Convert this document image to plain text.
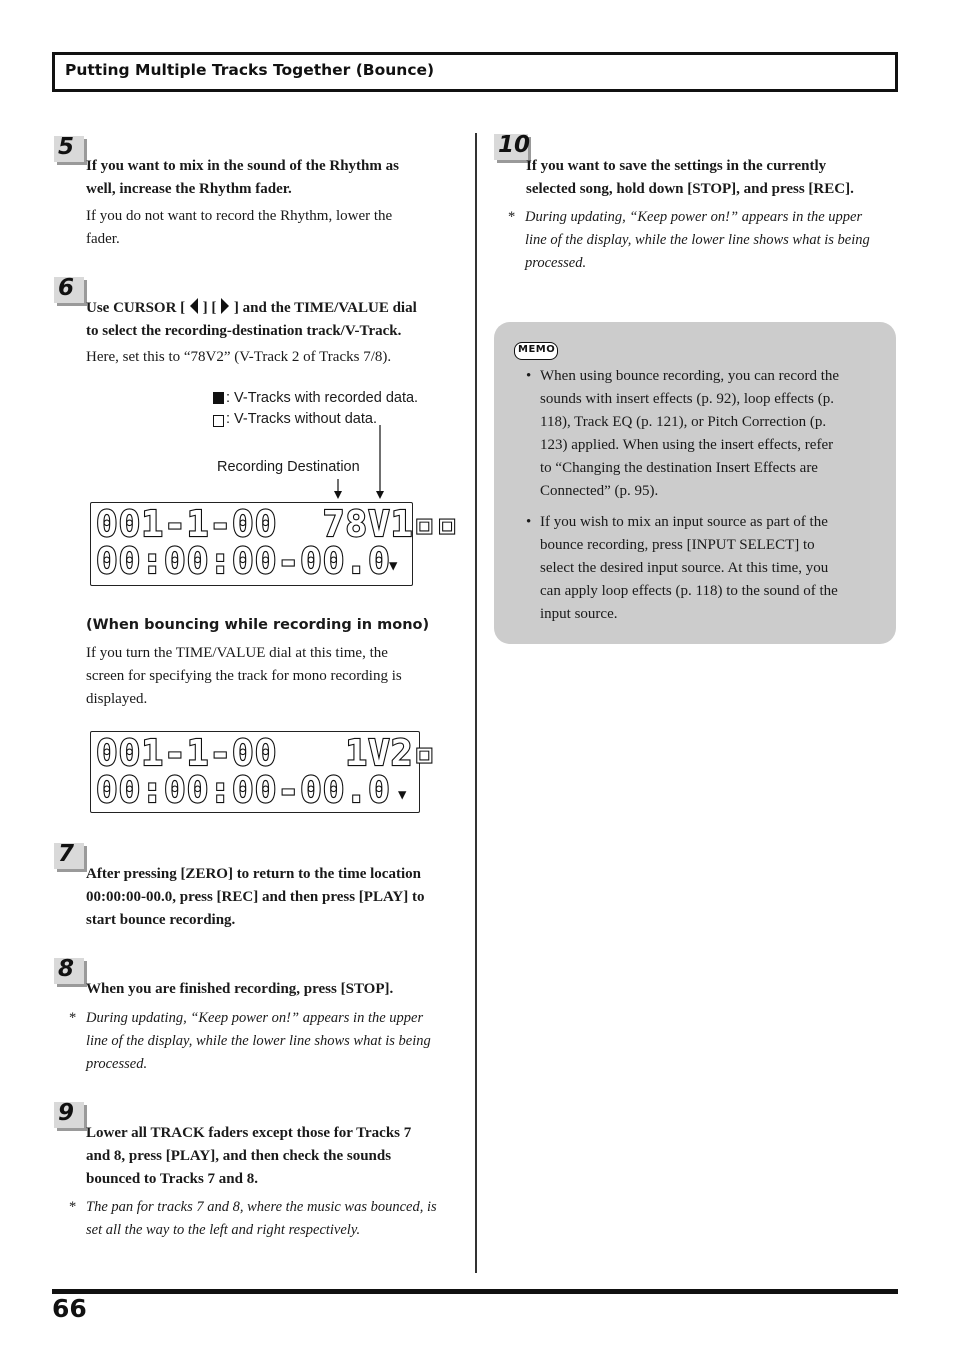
Putting Multiple Tracks Together (Bounce)
5
If you want to mix in the sound of the Rhythm as
well, increase the Rhythm fader.
If you do not want to record the Rhythm, lower the
fader.
6
Use CURSOR [ ] [ ] and the TIME/VALUE dial
to select the recording-destination track/V-Track.
Here, set this to “78V2” (V-Track 2 of Tracks 7/8).
: V-Tracks with recorded data.
: V-Tracks without data.
Recording Destination
001-1-00  78V1▫▫
00:00:00-00.0
▼
(When bouncing while recording in mono)
If you turn the TIME/VALUE dial at this time, the
screen for specifying the track for mono recording is
displayed.
001-1-00   1V2▫
00:00:00-00.0 ▼
7
After pressing [ZERO] to return to the time location
00:00:00-00.0, press [REC] and then press [PLAY] to
start bounce recording.
8
When you are finished recording, press [STOP].
* During updating, “Keep power on!” appears in the upper
line of the display, while the lower line shows what is being
processed.
9
Lower all TRACK faders except those for Tracks 7
and 8, press [PLAY], and then check the sounds
bounced to Tracks 7 and 8.
* The pan for tracks 7 and 8, where the music was bounced, is
set all the way to the left and right respectively.
10
If you want to save the settings in the currently
selected song, hold down [STOP], and press [REC].
* During updating, “Keep power on!” appears in the upper
line of the display, while the lower line shows what is being
processed.
MEMO
• When using bounce recording, you can record the
sounds with insert effects (p. 92), loop effects (p.
118), Track EQ (p. 121), or Pitch Correction (p.
123) applied. When using the insert effects, refer
to “Changing the destination Insert Effects are
Connected” (p. 95).
• If you wish to mix an input source as part of the
bounce recording, press [INPUT SELECT] to
select the desired input source. At this time, you
can apply loop effects (p. 118) to the sound of the
input source.
66
